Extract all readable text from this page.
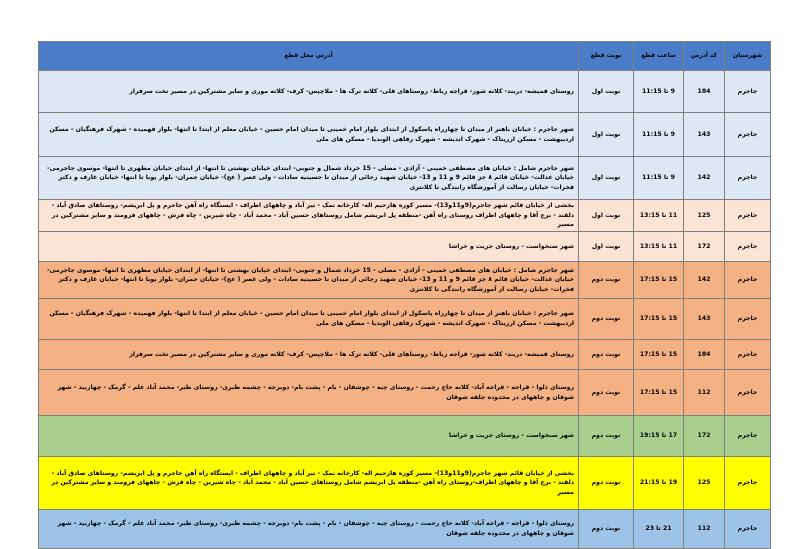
شهرستان	کد آدرس	ساعت قطع	نوبت قطع	آدرس محل قطع
جاجرم	184	9 تا 11:15	نوبت اول	روستای قمیشه- دربند- کلاته شور- قراجه رباط- روستاهای قلی- کلاته ترک ها - ملاچپس- کرف- کلاته موری و سایر مشترکین در مسیر تخت سرفراز
جاجرم	143	9 تا 11:15	نوبت اول	شهر جاجرم : خیابان باهنر از میدان تا چهارراه پاسکول از ابتدای بلوار امام خمینی تا میدان امام حسین - خیابان معلم از ابتدا تا انتها- بلوار فهمیده - شهرک فرهنگیان - مسکن اردیبهشت - مسکن ارزیتاک - شهرک اندیشه - شهرک رفاهی الوندیا - مسکن های ملی
جاجرم	142	9 تا 11:15	نوبت اول	شهر جاجرم شامل : خیابان های مصطفی خمینی - آزادی - مصلی - 15 خرداد شمال و جنوبی- ابتدای خیابان بهشتی تا انتها- از ابتدای خیابان مطهری تا انتها- موسوی جاجرمی- خیابان عدالت- خیابان قائم ۸ جز قائم 9 و 11 و 13- خیابان شهید رجائی از میدان تا حسینیه سادات - ولی عصر ( عج)- خیابان جمران- بلوار پویا تا انتها- خیابان عارف و دکتر فخرات- خیابان رسالت از آموزشگاه رانندگی تا کلانتری
جاجرم	125	11 تا 13:15	نوبت اول	بخشی از خیابان قائم شهر جاجرم(9و11و13)- مسیر کوره هارحیم اله- کارخانه نمک - تیر آباد و چاههای اطراف - ایستگاه راه آهن جاجرم و پل ابریشم- روستاهای صادق آباد - دلقند - برج آقا و چاههای اطراف روستای راه آهن -منطقه پل ابریشم شامل روستاهای حسین آباد - محمد آباد - چاه شیرین - چاه فرش - چاههای فرومند و سایر مشترکین در مسیر
جاجرم	172	11 تا 13:15	نوبت اول	شهر سنخواست - روستای جریت و خراشا
جاجرم	142	15 تا 17:15	نوبت دوم	شهر جاجرم شامل : خیابان های مصطفی خمینی - آزادی - مصلی - 15 خرداد شمال و جنوبی- ابتدای خیابان بهشتی تا انتها- از ابتدای خیابان مطهری تا انتها- موسوی جاجرمی- خیابان عدالت- خیابان قائم ۸ جز قائم 9 و 11 و 13- خیابان شهید رجائی از میدان تا حسینیه سادات - ولی عصر ( عج)- خیابان جمران- بلوار پویا تا انتها- خیابان عارف و دکتر فخرات- خیابان رسالت از آموزشگاه رانندگی تا کلانتری
جاجرم	143	15 تا 17:15	نوبت دوم	شهر جاجرم : خیابان باهنر از میدان تا چهارراه پاسکول از ابتدای بلوار امام خمینی تا میدان امام حسین - خیابان معلم از ابتدا تا انتها- بلوار فهمیده - شهرک فرهنگیان - مسکن اردیبهشت - مسکن ارزیتاک - شهرک اندیشه - شهرک رفاهی الوندیا - مسکن های ملی
جاجرم	184	15 تا 17:15	نوبت دوم	روستای قمیشه- دربند- کلاته شور- قراجه رباط- روستاهای قلی- کلاته ترک ها - ملاچپس- کرف- کلاته موری و سایر مشترکین در مسیر تخت سرفراز
جاجرم	112	15 تا 17:15	نوبت دوم	روستای ذلوا - قراجه - قراجه آباد- کلاته حاج رحمت - روستای چیه - چوشقان - بام - پشت بام- دوبرجه - چشمه طبری- روستای طبر- محمد آباد علم - گرمک - چهاربید - شهر شوقان و چاههای در محدوده چلقه شوقان
جاجرم	172	17 تا 19:15	نوبت دوم	شهر سنخواست - روستای جریت و خراشا
جاجرم	125	19 تا 21:15	نوبت دوم	بخشی از خیابان قائم شهر جاجرم(9و11و13)- مسیر کوره هارحیم اله- کارخانه نمک - تیر آباد و چاههای اطراف - ایستگاه راه آهن جاجرم و پل ابریشم- روستاهای صادق آباد - دلقند - برج آقا و چاههای اطراف-روستای راه آهن -منطقه پل ابریشم شامل روستاهای حسین آباد - محمد آباد - چاه شیرین - چاه فرش - چاههای فرومند و سایر مشترکین در مسیر
جاجرم	112	21 تا 23	نوبت دوم	روستای ذلوا - قراجه - قراجه آباد- کلاته حاج رحمت - روستای چیه - چوشقان - بام - پشت بام- دوبرجه - چشمه طبری- روستای طبر- محمد آباد علم - گرمک - چهاربید - شهر شوقان و چاههای در محدوده چلقه شوقان
